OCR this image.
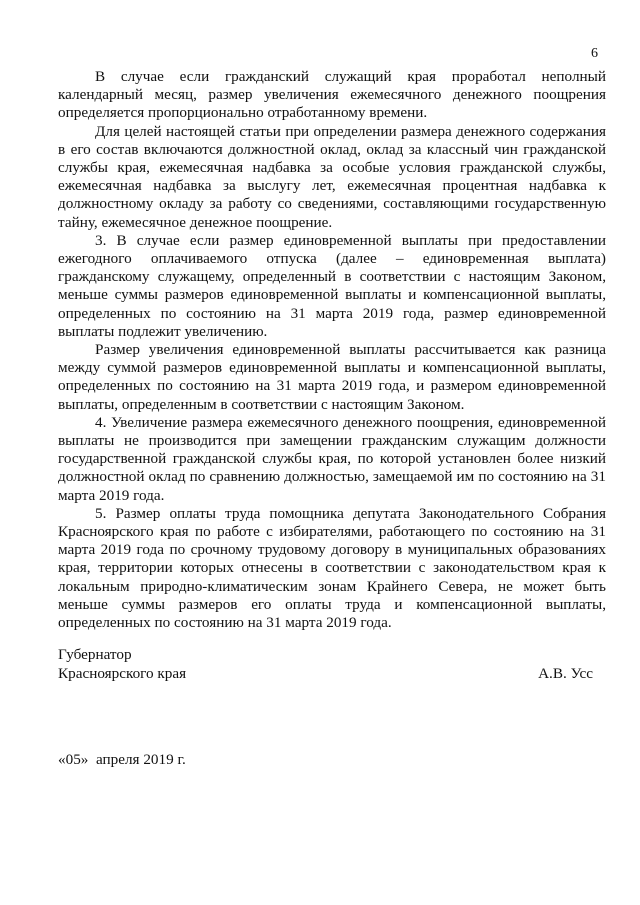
6

В случае если гражданский служащий края проработал неполный календарный месяц, размер увеличения ежемесячного денежного поощрения определяется пропорционально отработанному времени.

Для целей настоящей статьи при определении размера денежного содержания в его состав включаются должностной оклад, оклад за классный чин гражданской службы края, ежемесячная надбавка за особые условия гражданской службы, ежемесячная надбавка за выслугу лет, ежемесячная процентная надбавка к должностному окладу за работу со сведениями, составляющими государственную тайну, ежемесячное денежное поощрение.

3. В случае если размер единовременной выплаты при предоставлении ежегодного оплачиваемого отпуска (далее – единовременная выплата) гражданскому служащему, определенный в соответствии с настоящим Законом, меньше суммы размеров единовременной выплаты и компенсационной выплаты, определенных по состоянию на 31 марта 2019 года, размер единовременной выплаты подлежит увеличению.

Размер увеличения единовременной выплаты рассчитывается как разница между суммой размеров единовременной выплаты и компенсационной выплаты, определенных по состоянию на 31 марта 2019 года, и размером единовременной выплаты, определенным в соответствии с настоящим Законом.

4. Увеличение размера ежемесячного денежного поощрения, единовременной выплаты не производится при замещении гражданским служащим должности государственной гражданской службы края, по которой установлен более низкий должностной оклад по сравнению должностью, замещаемой им по состоянию на 31 марта 2019 года.

5. Размер оплаты труда помощника депутата Законодательного Собрания Красноярского края по работе с избирателями, работающего по состоянию на 31 марта 2019 года по срочному трудовому договору в муниципальных образованиях края, территории которых отнесены в соответствии с законодательством края к локальным природно-климатическим зонам Крайнего Севера, не может быть меньше суммы размеров его оплаты труда и компенсационной выплаты, определенных по состоянию на 31 марта 2019 года.

Губернатор
Красноярского края	А.В. Усс
«05»  апреля 2019 г.
